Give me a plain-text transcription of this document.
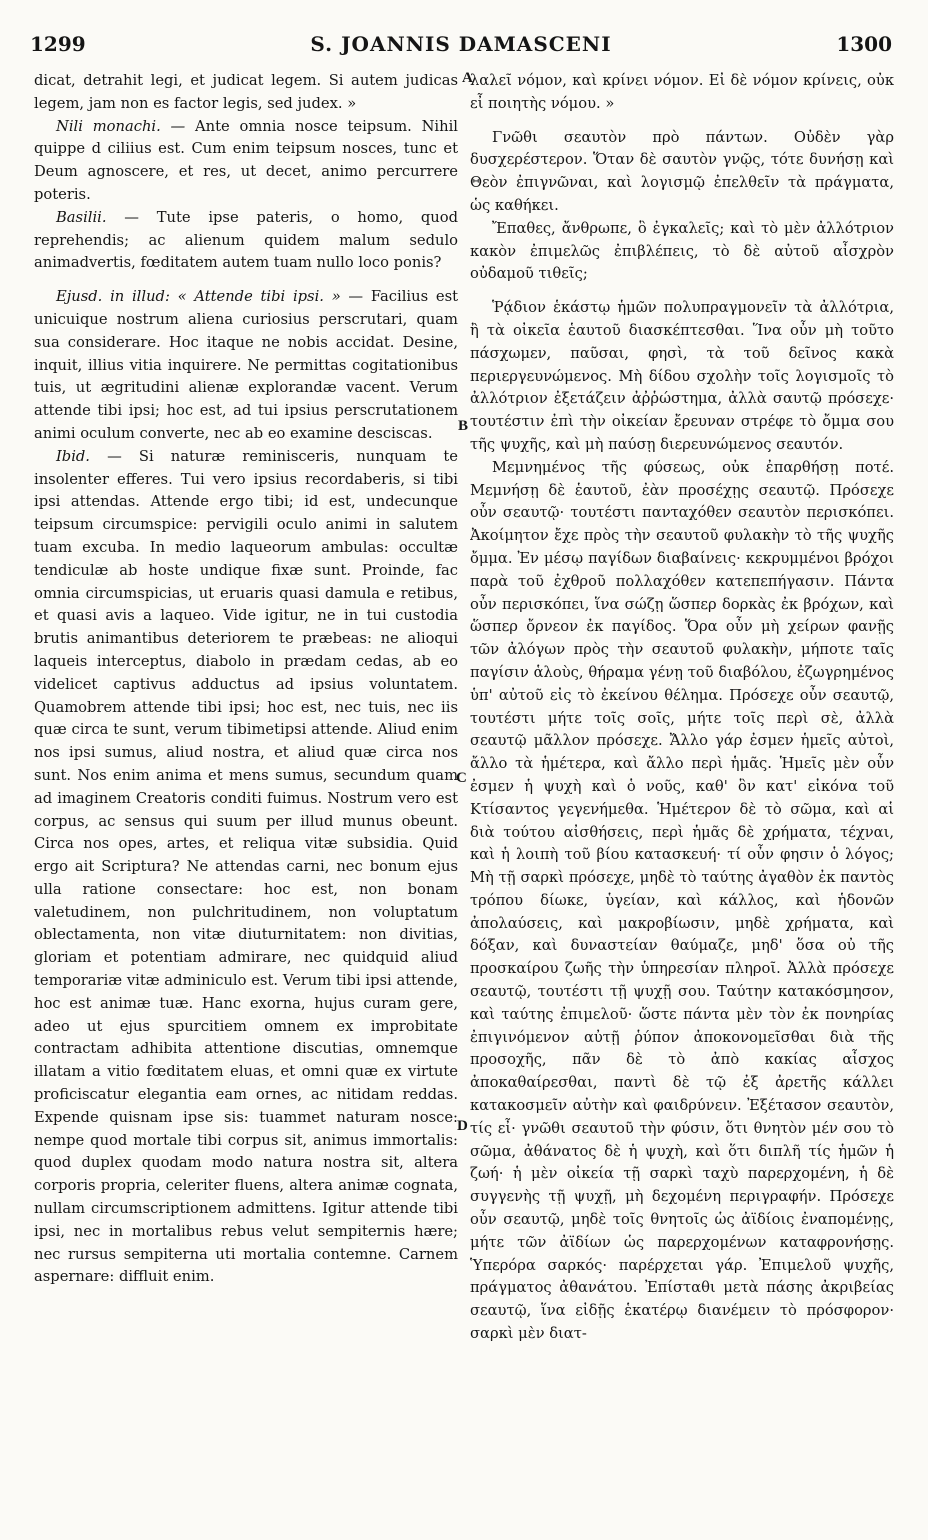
S. JOANNIS DAMASCENI
1299	1300

dicat, detrahit legi, et judicat legem. Si autem judicas legem, jam non es factor legis, sed judex. »

Nili monachi. — Ante omnia nosce teipsum. Nihil quippe d ciliius est. Cum enim teipsum nosces, tunc et Deum agnoscere, et res, ut decet, animo percurrere poteris.

Basilii. — Tute ipse pateris, o homo, quod reprehendis; ac alienum quidem malum sedulo animadvertis, fœditatem autem tuam nullo loco ponis?

Ejusd. in illud: « Attende tibi ipsi. » — Facilius est unicuique nostrum aliena curiosius perscrutari, quam sua considerare. Hoc itaque ne nobis accidat. Desine, inquit, illius vitia inquirere. Ne permittas cogitationibus tuis, ut ægritudini alienæ explorandæ vacent. Verum attende tibi ipsi; hoc est, ad tui ipsius perscrutationem animi oculum converte, nec ab eo examine desciscas.

Ibid. — Si naturæ reminisceris, nunquam te insolenter efferes. Tui vero ipsius recordaberis, si tibi ipsi attendas. Attende ergo tibi; id est, undecunque teipsum circumspice: pervigili oculo animi in salutem tuam excuba. In medio laqueorum ambulas: occultæ tendiculæ ab hoste undique fixæ sunt. Proinde, fac omnia circumspicias, ut eruaris quasi damula e retibus, et quasi avis a laqueo. Vide igitur, ne in tui custodia brutis animantibus deteriorem te præbeas: ne alioqui laqueis interceptus, diabolo in prædam cedas, ab eo videlicet captivus adductus ad ipsius voluntatem. Quamobrem attende tibi ipsi; hoc est, nec tuis, nec iis quæ circa te sunt, verum tibimetipsi attende. Aliud enim nos ipsi sumus, aliud nostra, et aliud quæ circa nos sunt. Nos enim anima et mens sumus, secundum quam ad imaginem Creatoris conditi fuimus. Nostrum vero est corpus, ac sensus qui suum per illud munus obeunt. Circa nos opes, artes, et reliqua vitæ subsidia. Quid ergo ait Scriptura? Ne attendas carni, nec bonum ejus ulla ratione consectare: hoc est, non bonam valetudinem, non pulchritudinem, non voluptatum oblectamenta, non vitæ diuturnitatem: non divitias, gloriam et potentiam admirare, nec quidquid aliud temporariæ vitæ adminiculo est. Verum tibi ipsi attende, hoc est animæ tuæ. Hanc exorna, hujus curam gere, adeo ut ejus spurcitiem omnem ex improbitate contractam adhibita attentione discutias, omnemque illatam a vitio fœditatem eluas, et omni quæ ex virtute proficiscatur elegantia eam ornes, ac nitidam reddas. Expende quisnam ipse sis: tuammet naturam nosce: nempe quod mortale tibi corpus sit, animus immortalis: quod duplex quodam modo natura nostra sit, altera corporis propria, celeriter fluens, altera animæ cognata, nullam circumscriptionem admittens. Igitur attende tibi ipsi, nec in mortalibus rebus velut sempiternis hære; nec rursus sempiterna uti mortalia contemne. Carnem aspernare: diffluit enim.

A
B
C
D

λαλεῖ νόμον, καὶ κρίνει νόμον. Εἰ δὲ νόμον κρίνεις, οὐκ εἶ ποιητὴς νόμου. »

Γνῶθι σεαυτὸν πρὸ πάντων. Οὐδὲν γὰρ δυσχερέστερον. Ὅταν δὲ σαυτὸν γνῷς, τότε δυνήσῃ καὶ Θεὸν ἐπιγνῶναι, καὶ λογισμῷ ἐπελθεῖν τὰ πράγματα, ὡς καθήκει.

Ἔπαθες, ἄνθρωπε, ὃ ἐγκαλεῖς; καὶ τὸ μὲν ἀλλότριον κακὸν ἐπιμελῶς ἐπιβλέπεις, τὸ δὲ αὐτοῦ αἶσχρὸν οὐδαμοῦ τιθεῖς;

Ῥᾴδιον ἑκάστῳ ἡμῶν πολυπραγμονεῖν τὰ ἀλλότρια, ἢ τὰ οἰκεῖα ἑαυτοῦ διασκέπτεσθαι. Ἵνα οὖν μὴ τοῦτο πάσχωμεν, παῦσαι, φησὶ, τὰ τοῦ δεῖνος κακὰ περιεργευνώμενος. Μὴ δίδου σχολὴν τοῖς λογισμοῖς τὸ ἀλλότριον ἐξετάζειν ἀῤῥώστημα, ἀλλὰ σαυτῷ πρόσεχε· τουτέστιν ἐπὶ τὴν οἰκείαν ἔρευναν στρέφε τὸ ὄμμα σου τῆς ψυχῆς, καὶ μὴ παύσῃ διερευνώμενος σεαυτόν.

Μεμνημένος τῆς φύσεως, οὐκ ἐπαρθήσῃ ποτέ. Μεμνήσῃ δὲ ἑαυτοῦ, ἐὰν προσέχῃς σεαυτῷ. Πρόσεχε οὖν σεαυτῷ· τουτέστι πανταχόθεν σεαυτὸν περισκόπει. Ἀκοίμητον ἔχε πρὸς τὴν σεαυτοῦ φυλακὴν τὸ τῆς ψυχῆς ὄμμα. Ἐν μέσῳ παγίδων διαβαίνεις· κεκρυμμένοι βρόχοι παρὰ τοῦ ἐχθροῦ πολλαχόθεν κατεπεπήγασιν. Πάντα οὖν περισκόπει, ἵνα σώζῃ ὥσπερ δορκὰς ἐκ βρόχων, καὶ ὥσπερ ὄρνεον ἐκ παγίδος. Ὅρα οὖν μὴ χείρων φανῇς τῶν ἀλόγων πρὸς τὴν σεαυτοῦ φυλακὴν, μήποτε ταῖς παγίσιν ἁλοὺς, θήραμα γένῃ τοῦ διαβόλου, ἐζωγρημένος ὑπ' αὐτοῦ εἰς τὸ ἐκείνου θέλημα. Πρόσεχε οὖν σεαυτῷ, τουτέστι μήτε τοῖς σοῖς, μήτε τοῖς περὶ σὲ, ἀλλὰ σεαυτῷ μᾶλλον πρόσεχε. Ἄλλο γάρ ἐσμεν ἡμεῖς αὐτοὶ, ἄλλο τὰ ἡμέτερα, καὶ ἄλλο περὶ ἡμᾶς. Ἡμεῖς μὲν οὖν ἐσμεν ἡ ψυχὴ καὶ ὁ νοῦς, καθ' ὃν κατ' εἰκόνα τοῦ Κτίσαντος γεγενήμεθα. Ἡμέτερον δὲ τὸ σῶμα, καὶ αἱ διὰ τούτου αἰσθήσεις, περὶ ἡμᾶς δὲ χρήματα, τέχναι, καὶ ἡ λοιπὴ τοῦ βίου κατασκευή· τί οὖν φησιν ὁ λόγος; Μὴ τῇ σαρκὶ πρόσεχε, μηδὲ τὸ ταύτης ἀγαθὸν ἐκ παντὸς τρόπου δίωκε, ὑγείαν, καὶ κάλλος, καὶ ἡδονῶν ἀπολαύσεις, καὶ μακροβίωσιν, μηδὲ χρήματα, καὶ δόξαν, καὶ δυναστείαν θαύμαζε, μηδ' ὅσα οὐ τῆς προσκαίρου ζωῆς τὴν ὑπηρεσίαν πληροῖ. Ἀλλὰ πρόσεχε σεαυτῷ, τουτέστι τῇ ψυχῇ σου. Ταύτην κατακόσμησον, καὶ ταύτης ἐπιμελοῦ· ὥστε πάντα μὲν τὸν ἐκ πονηρίας ἐπιγινόμενον αὐτῇ ῥύπον ἀποκονομεῖσθαι διὰ τῆς προσοχῆς, πᾶν δὲ τὸ ἀπὸ κακίας αἶσχος ἀποκαθαίρεσθαι, παντὶ δὲ τῷ ἐξ ἀρετῆς κάλλει κατακοσμεῖν αὐτὴν καὶ φαιδρύνειν. Ἐξέτασον σεαυτὸν, τίς εἶ· γνῶθι σεαυτοῦ τὴν φύσιν, ὅτι θνητὸν μέν σου τὸ σῶμα, ἀθάνατος δὲ ἡ ψυχὴ, καὶ ὅτι διπλῆ τίς ἡμῶν ἡ ζωή· ἡ μὲν οἰκεία τῇ σαρκὶ ταχὺ παρερχομένη, ἡ δὲ συγγενὴς τῇ ψυχῇ, μὴ δεχομένη περιγραφήν. Πρόσεχε οὖν σεαυτῷ, μηδὲ τοῖς θνητοῖς ὡς ἀϊδίοις ἐναπομένῃς, μήτε τῶν ἀϊδίων ὡς παρερχομένων καταφρονήσῃς. Ὑπερόρα σαρκός· παρέρχεται γάρ. Ἐπιμελοῦ ψυχῆς, πράγματος ἀθανάτου. Ἐπίσταθι μετὰ πάσης ἀκριβείας σεαυτῷ, ἵνα εἰδῇς ἑκατέρῳ διανέμειν τὸ πρόσφορον· σαρκὶ μὲν διατ-
